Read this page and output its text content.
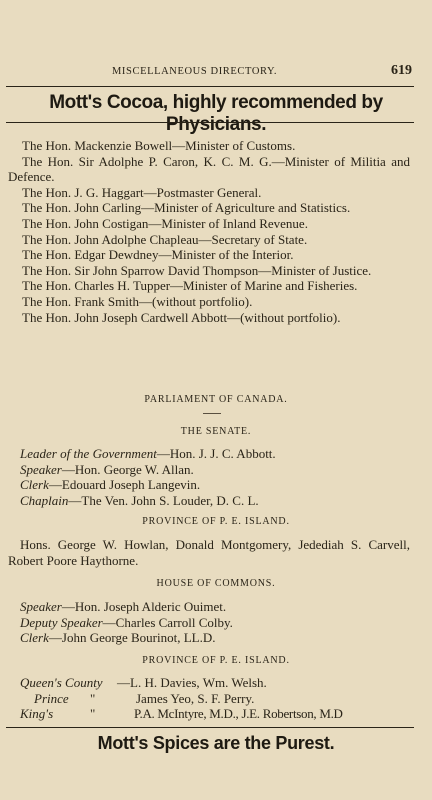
MISCELLANEOUS DIRECTORY.	619
Mott's Cocoa, highly recommended by Physicians.

The Hon. Mackenzie Bowell—Minister of Customs.

The Hon. Sir Adolphe P. Caron, K. C. M. G.—Minister of Militia and Defence.

The Hon. J. G. Haggart—Postmaster General.

The Hon. John Carling—Minister of Agriculture and Statistics.

The Hon. John Costigan—Minister of Inland Revenue.

The Hon. John Adolphe Chapleau—Secretary of State.

The Hon. Edgar Dewdney—Minister of the Interior.

The Hon. Sir John Sparrow David Thompson—Minister of Justice.

The Hon. Charles H. Tupper—Minister of Marine and Fisheries.

The Hon. Frank Smith—(without portfolio).

The Hon. John Joseph Cardwell Abbott—(without portfolio).

PARLIAMENT OF CANADA.
THE SENATE.
Leader of the Government—Hon. J. J. C. Abbott.
Speaker—Hon. George W. Allan.
Clerk—Edouard Joseph Langevin.
Chaplain—The Ven. John S. Louder, D. C. L.
PROVINCE OF P. E. ISLAND.

Hons. George W. Howlan, Donald Montgomery, Jedediah S. Carvell, Robert Poore Haythorne.

HOUSE OF COMMONS.
Speaker—Hon. Joseph Alderic Ouimet.
Deputy Speaker—Charles Carroll Colby.
Clerk—John George Bourinot, LL.D.
PROVINCE OF P. E. ISLAND.
Queen's County — L. H. Davies, Wm. Welsh.
Prince "	James Yeo, S. F. Perry.
King's	"	P.A. McIntyre, M.D., J.E. Robertson, M.D
Mott's Spices are the Purest.
